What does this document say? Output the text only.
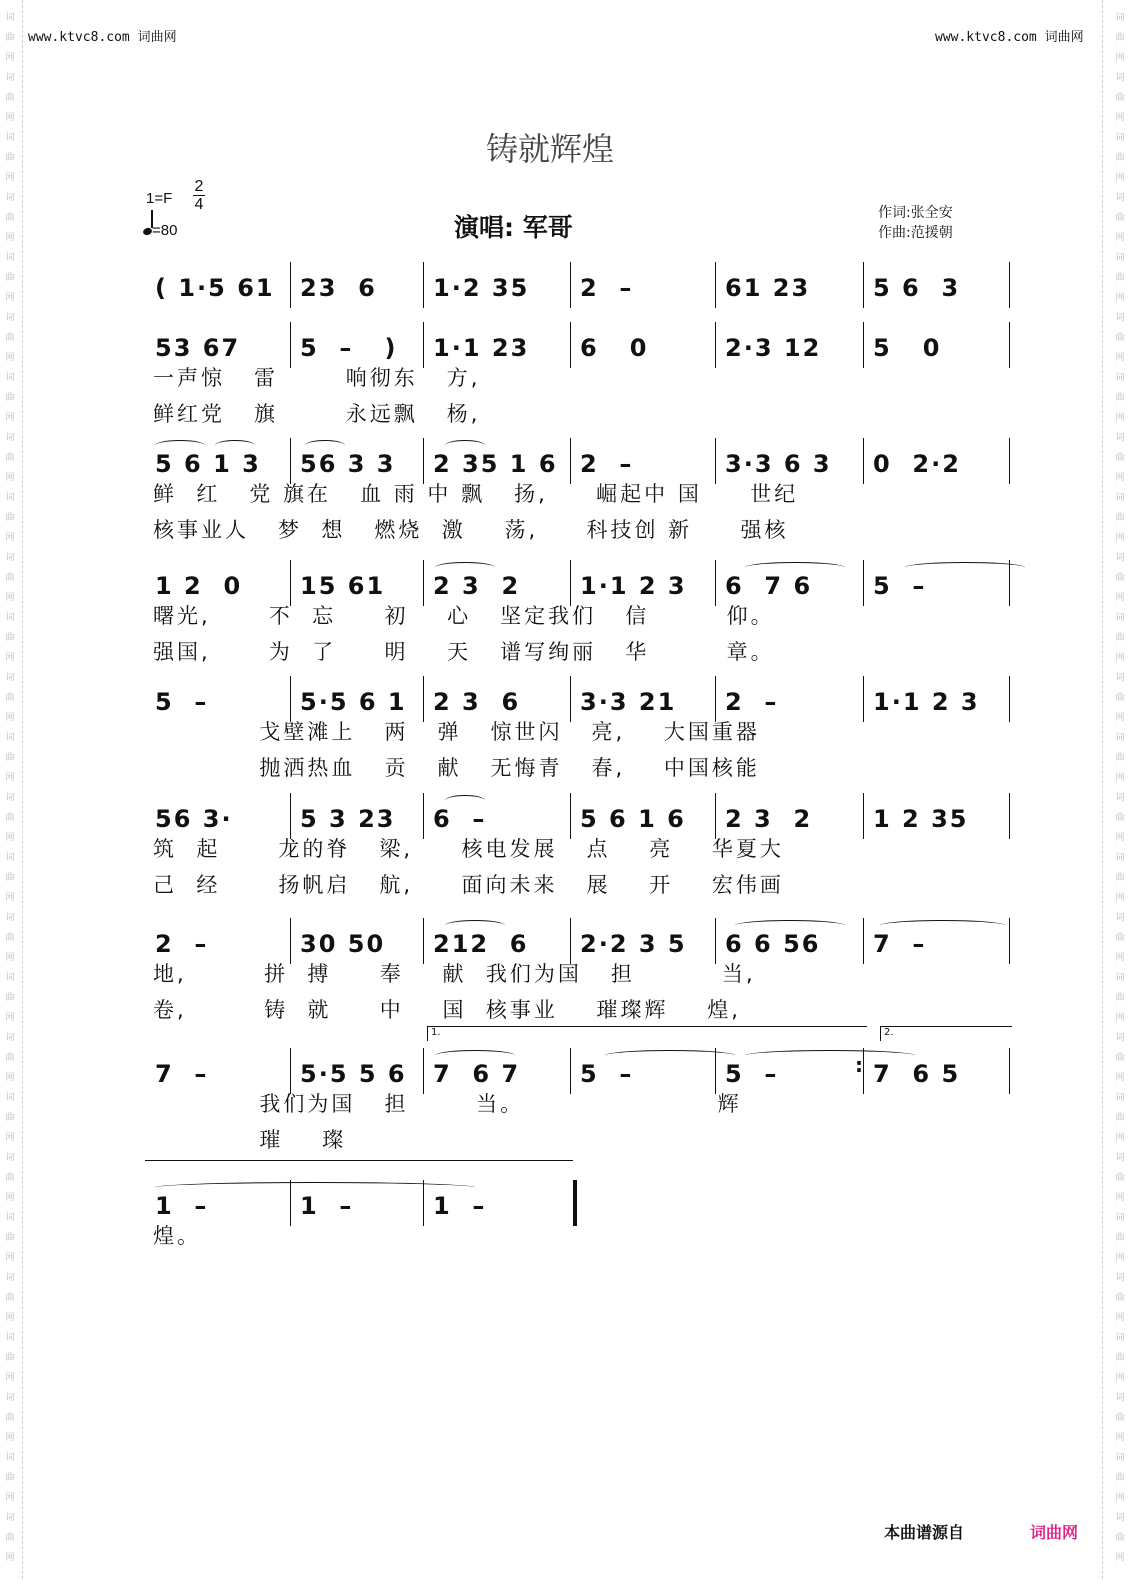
词曲网词曲网词曲网词曲网词曲网词曲网词曲网词曲网词曲网词曲网词曲网词曲网词曲网词曲网词曲网词曲网词曲网词曲网词曲网词曲网词曲网词曲网词曲网词曲网词曲网词曲网
词曲网词曲网词曲网词曲网词曲网词曲网词曲网词曲网词曲网词曲网词曲网词曲网词曲网词曲网词曲网词曲网词曲网词曲网词曲网词曲网词曲网词曲网词曲网词曲网词曲网词曲网
www.ktvc8.com 词曲网	www.ktvc8.com 词曲网
铸就辉煌
1=F
2
4
=80	演唱: 军哥	作词:张全安
作曲:范援朝
( 1·5 61 23  6 1·2 35 2  –	61 23	5 6  3
53 67 5  –   ) 1·1 23 6   0	2·3 12 5   0
一声惊   雷       响彻东   方,
鲜红党   旗       永远飘   杨,
5 6 1 3 56 3 3 2 35 1 6 2  –	3·3 6 3 0  2·2
鲜  红   党 旗在   血 雨 中 飘   扬,     崛起中 国     世纪
核事业人   梦  想   燃烧  激    荡,     科技创 新     强核
1 2  0 15 61 2 3  2 1·1 2 3 6  7 6	5  –
曙光,      不  忘     初    心   坚定我们   信        仰。
强国,      为  了     明    天   谱写绚丽   华        章。
5  –	5·5 6 1 2 3  6 3·3 21 2  –	1·1 2 3
戈壁滩上   两   弹   惊世闪   亮,    大国重器
抛洒热血   贡   献   无悔青   春,    中国核能
56 3·	5 3 23 6  –	5 6 1 6 2 3  2	1 2 35
筑  起      龙的脊   梁,     核电发展   点    亮    华夏大
己  经      扬帆启   航,     面向未来   展    开    宏伟画
2  –	30 50 212  6 2·2 3 5 6 6 56 7  –
地,        拼  搏     奉    献  我们为国   担         当,
卷,        铸  就     中    国  核事业    璀璨辉    煌,
7  –	5·5 5 6 7  6 7 5  –	5  –	7  6 5
我们为国   担       当。                    辉
璀    璨
1.	2.
:
1  –	1  –	1  –
煌。
本曲谱源自	词曲网
